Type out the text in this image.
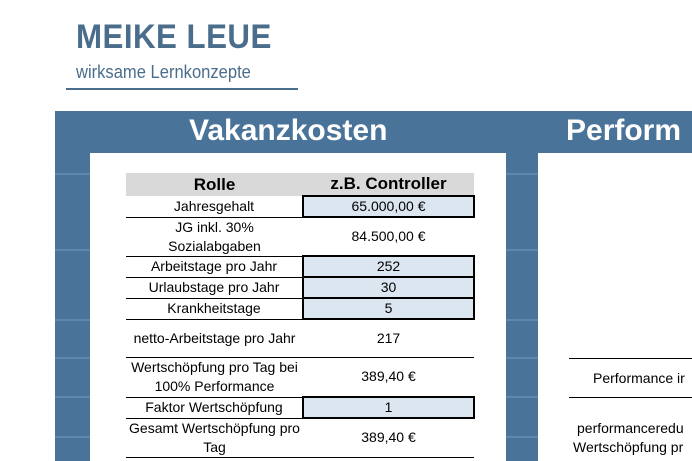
MEIKE LEUE
wirksame Lernkonzepte
Vakanzkosten	Perform
Rolle	z.B. Controller
Jahresgehalt	65.000,00 €
JG inkl. 30% Sozialabgaben	84.500,00 €
Arbeitstage pro Jahr	252
Urlaubstage pro Jahr	30
Krankheitstage	5
netto-Arbeitstage pro Jahr	217
Wertschöpfung pro Tag bei 100% Performance	389,40 €
Faktor Wertschöpfung	1
Gesamt Wertschöpfung pro Tag	389,40 €
Performance ir
performanceredu
Wertschöpfung pr
